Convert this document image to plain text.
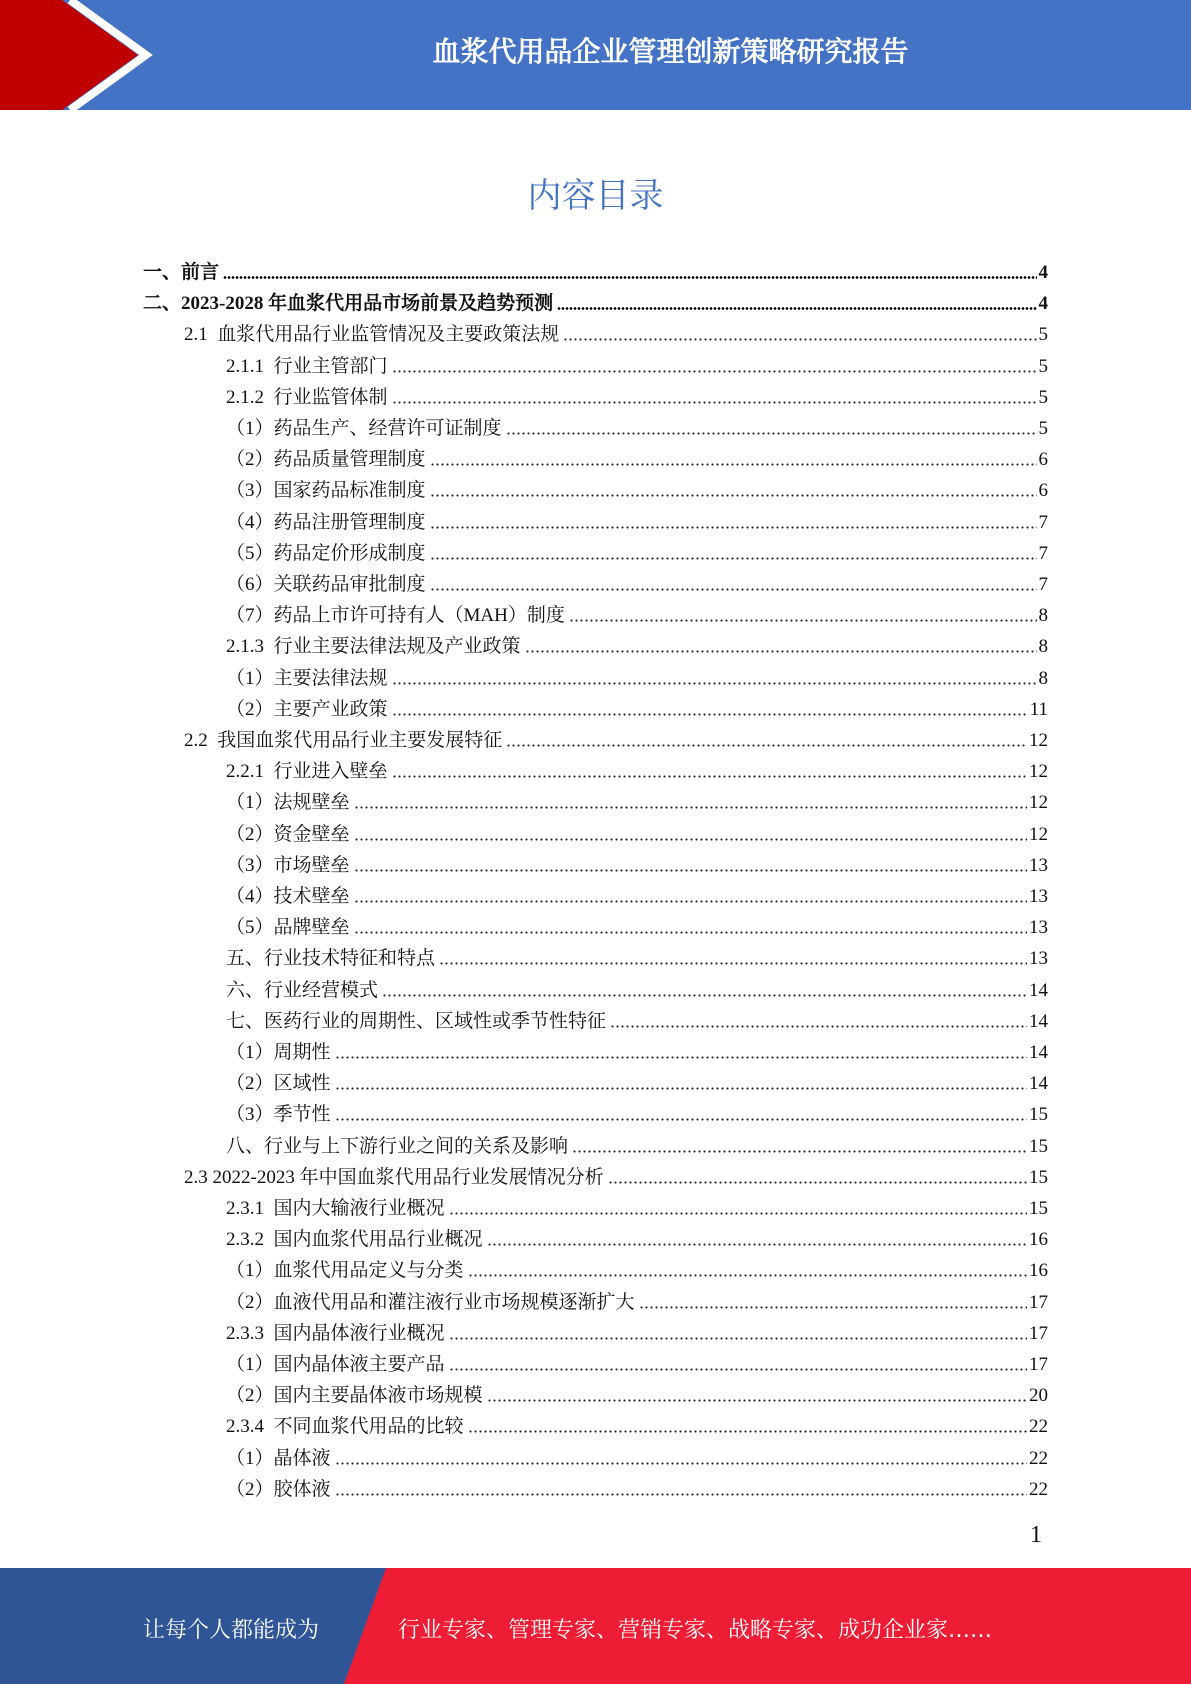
血浆代用品企业管理创新策略研究报告
内容目录
一、前言	4
二、2023-2028 年血浆代用品市场前景及趋势预测	4
2.1  血浆代用品行业监管情况及主要政策法规	5
2.1.1  行业主管部门	5
2.1.2  行业监管体制	5
（1）药品生产、经营许可证制度	5
（2）药品质量管理制度	6
（3）国家药品标准制度	6
（4）药品注册管理制度	7
（5）药品定价形成制度	7
（6）关联药品审批制度	7
（7）药品上市许可持有人（MAH）制度	8
2.1.3  行业主要法律法规及产业政策	8
（1）主要法律法规	8
（2）主要产业政策	11
2.2  我国血浆代用品行业主要发展特征	12
2.2.1  行业进入壁垒	12
（1）法规壁垒	12
（2）资金壁垒	12
（3）市场壁垒	13
（4）技术壁垒	13
（5）品牌壁垒	13
五、行业技术特征和特点	13
六、行业经营模式	14
七、医药行业的周期性、区域性或季节性特征	14
（1）周期性	14
（2）区域性	14
（3）季节性	15
八、行业与上下游行业之间的关系及影响	15
2.3 2022-2023 年中国血浆代用品行业发展情况分析	15
2.3.1  国内大输液行业概况	15
2.3.2  国内血浆代用品行业概况	16
（1）血浆代用品定义与分类	16
（2）血液代用品和灌注液行业市场规模逐渐扩大	17
2.3.3  国内晶体液行业概况	17
（1）国内晶体液主要产品	17
（2）国内主要晶体液市场规模	20
2.3.4  不同血浆代用品的比较	22
（1）晶体液	22
（2）胶体液	22
1
让每个人都能成为	行业专家、管理专家、营销专家、战略专家、成功企业家……
